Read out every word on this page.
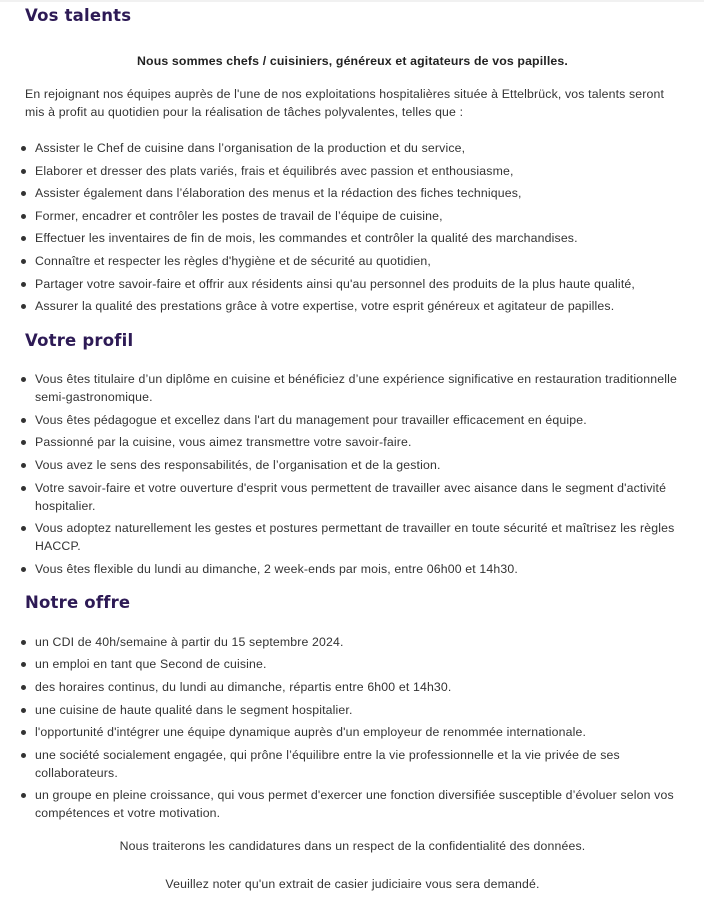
Vos talents

Nous sommes chefs / cuisiniers, généreux et agitateurs de vos papilles.

En rejoignant nos équipes auprès de l'une de nos exploitations hospitalières située à Ettelbrück, vos talents seront mis à profit au quotidien pour la réalisation de tâches polyvalentes, telles que :

Assister le Chef de cuisine dans l’organisation de la production et du service,
Elaborer et dresser des plats variés, frais et équilibrés avec passion et enthousiasme,
Assister également dans l’élaboration des menus et la rédaction des fiches techniques,
Former, encadrer et contrôler les postes de travail de l’équipe de cuisine,
Effectuer les inventaires de fin de mois, les commandes et contrôler la qualité des marchandises.
Connaître et respecter les règles d'hygiène et de sécurité au quotidien,
Partager votre savoir-faire et offrir aux résidents ainsi qu'au personnel des produits de la plus haute qualité,
Assurer la qualité des prestations grâce à votre expertise, votre esprit généreux et agitateur de papilles.
Votre profil
Vous êtes titulaire d’un diplôme en cuisine et bénéficiez d’une expérience significative en restauration traditionnelle semi-gastronomique.
Vous êtes pédagogue et excellez dans l'art du management pour travailler efficacement en équipe.
Passionné par la cuisine, vous aimez transmettre votre savoir-faire.
Vous avez le sens des responsabilités, de l’organisation et de la gestion.
Votre savoir-faire et votre ouverture d'esprit vous permettent de travailler avec aisance dans le segment d'activité hospitalier.
Vous adoptez naturellement les gestes et postures permettant de travailler en toute sécurité et maîtrisez les règles HACCP.
Vous êtes flexible du lundi au dimanche, 2 week-ends par mois, entre 06h00 et 14h30.
Notre offre
un CDI de 40h/semaine à partir du 15 septembre 2024.
un emploi en tant que Second de cuisine.
des horaires continus, du lundi au dimanche, répartis entre 6h00 et 14h30.
une cuisine de haute qualité dans le segment hospitalier.
l'opportunité d'intégrer une équipe dynamique auprès d'un employeur de renommée internationale.
une société socialement engagée, qui prône l’équilibre entre la vie professionnelle et la vie privée de ses collaborateurs.
un groupe en pleine croissance, qui vous permet d'exercer une fonction diversifiée susceptible d’évoluer selon vos compétences et votre motivation.

Nous traiterons les candidatures dans un respect de la confidentialité des données.

Veuillez noter qu'un extrait de casier judiciaire vous sera demandé.
